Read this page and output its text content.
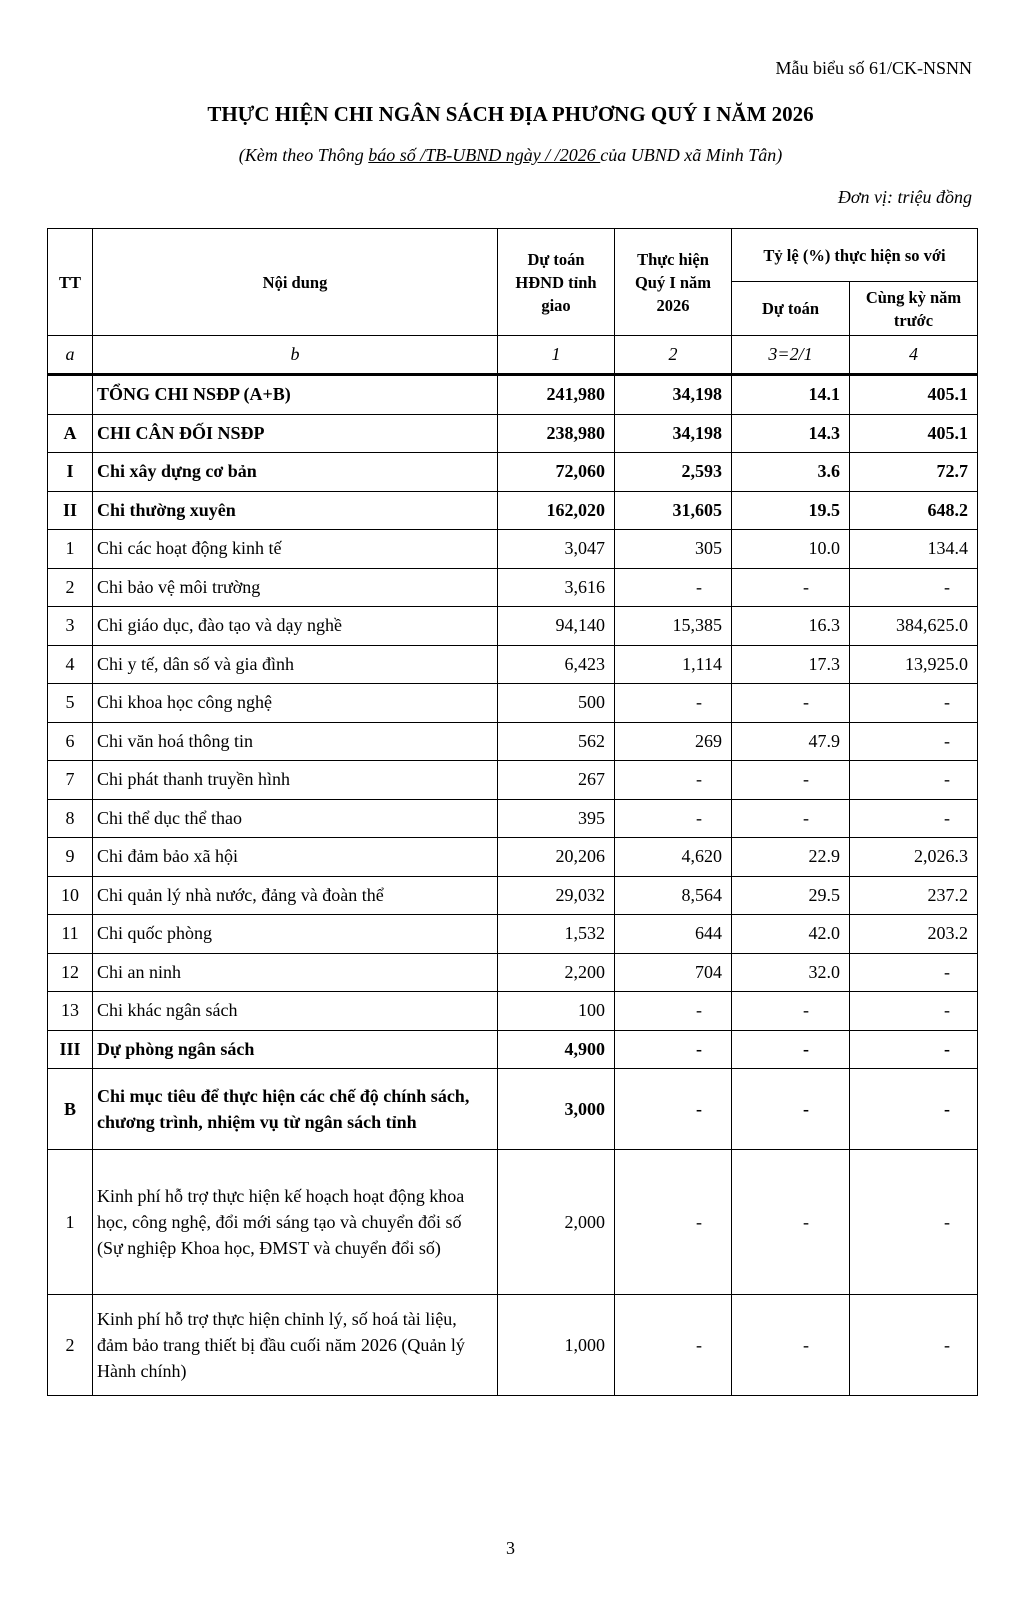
Mẫu biểu số 61/CK-NSNN
THỰC HIỆN CHI NGÂN SÁCH ĐỊA PHƯƠNG QUÝ I NĂM 2026
(Kèm theo Thông báo số /TB-UBND ngày / /2026 của UBND xã Minh Tân)
Đơn vị: triệu đồng
TT	Nội dung	Dự toán HĐND tỉnh giao	Thực hiện Quý I năm 2026	Tỷ lệ (%) thực hiện so với	
				Dự toán	Cùng kỳ năm trước
a	b	1	2	3=2/1	4
	TỔNG CHI NSĐP (A+B)	241,980	34,198	14.1	405.1
A	CHI CÂN ĐỐI NSĐP	238,980	34,198	14.3	405.1
I	Chi xây dựng cơ bản	72,060	2,593	3.6	72.7
II	Chi thường xuyên	162,020	31,605	19.5	648.2
1	Chi các hoạt động kinh tế	3,047	305	10.0	134.4
2	Chi bảo vệ môi trường	3,616	-	-	-
3	Chi giáo dục, đào tạo và dạy nghề	94,140	15,385	16.3	384,625.0
4	Chi y tế, dân số và gia đình	6,423	1,114	17.3	13,925.0
5	Chi khoa học công nghệ	500	-	-	-
6	Chi văn hoá thông tin	562	269	47.9	-
7	Chi phát thanh truyền hình	267	-	-	-
8	Chi thể dục thể thao	395	-	-	-
9	Chi đảm bảo xã hội	20,206	4,620	22.9	2,026.3
10	Chi quản lý nhà nước, đảng và đoàn thể	29,032	8,564	29.5	237.2
11	Chi quốc phòng	1,532	644	42.0	203.2
12	Chi an ninh	2,200	704	32.0	-
13	Chi khác ngân sách	100	-	-	-
III	Dự phòng ngân sách	4,900	-	-	-
B	Chi mục tiêu để thực hiện các chế độ chính sách, chương trình, nhiệm vụ từ ngân sách tỉnh	3,000	-	-	-
1	Kinh phí hỗ trợ thực hiện kế hoạch hoạt động khoa học, công nghệ, đổi mới sáng tạo và chuyển đổi số (Sự nghiệp Khoa học, ĐMST và chuyển đổi số)	2,000	-	-	-
2	Kinh phí hỗ trợ thực hiện chỉnh lý, số hoá tài liệu, đảm bảo trang thiết bị đầu cuối năm 2026 (Quản lý Hành chính)	1,000	-	-	-
3
